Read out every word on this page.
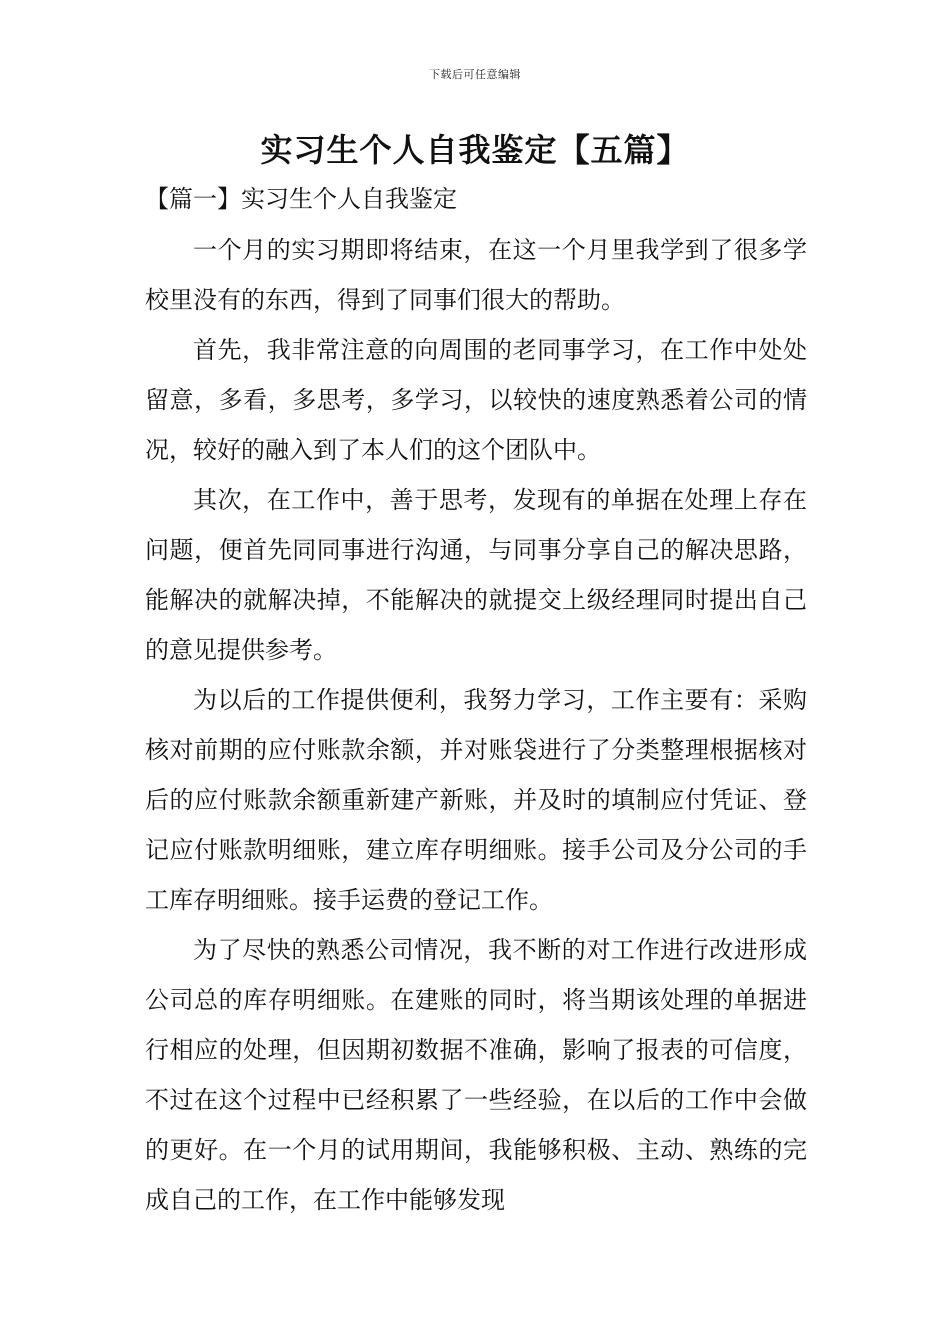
下载后可任意编辑
实习生个人自我鉴定【五篇】
【篇一】实习生个人自我鉴定

一个月的实习期即将结束，在这一个月里我学到了很多学校里没有的东西，得到了同事们很大的帮助。

首先，我非常注意的向周围的老同事学习，在工作中处处留意，多看，多思考，多学习，以较快的速度熟悉着公司的情况，较好的融入到了本人们的这个团队中。

其次，在工作中，善于思考，发现有的单据在处理上存在问题，便首先同同事进行沟通，与同事分享自己的解决思路，能解决的就解决掉，不能解决的就提交上级经理同时提出自己的意见提供参考。

为以后的工作提供便利，我努力学习，工作主要有：采购核对前期的应付账款余额，并对账袋进行了分类整理根据核对后的应付账款余额重新建产新账，并及时的填制应付凭证、登记应付账款明细账，建立库存明细账。接手公司及分公司的手工库存明细账。接手运费的登记工作。

为了尽快的熟悉公司情况，我不断的对工作进行改进形成公司总的库存明细账。在建账的同时，将当期该处理的单据进行相应的处理，但因期初数据不准确，影响了报表的可信度，不过在这个过程中已经积累了一些经验，在以后的工作中会做的更好。在一个月的试用期间，我能够积极、主动、熟练的完成自己的工作，在工作中能够发现
